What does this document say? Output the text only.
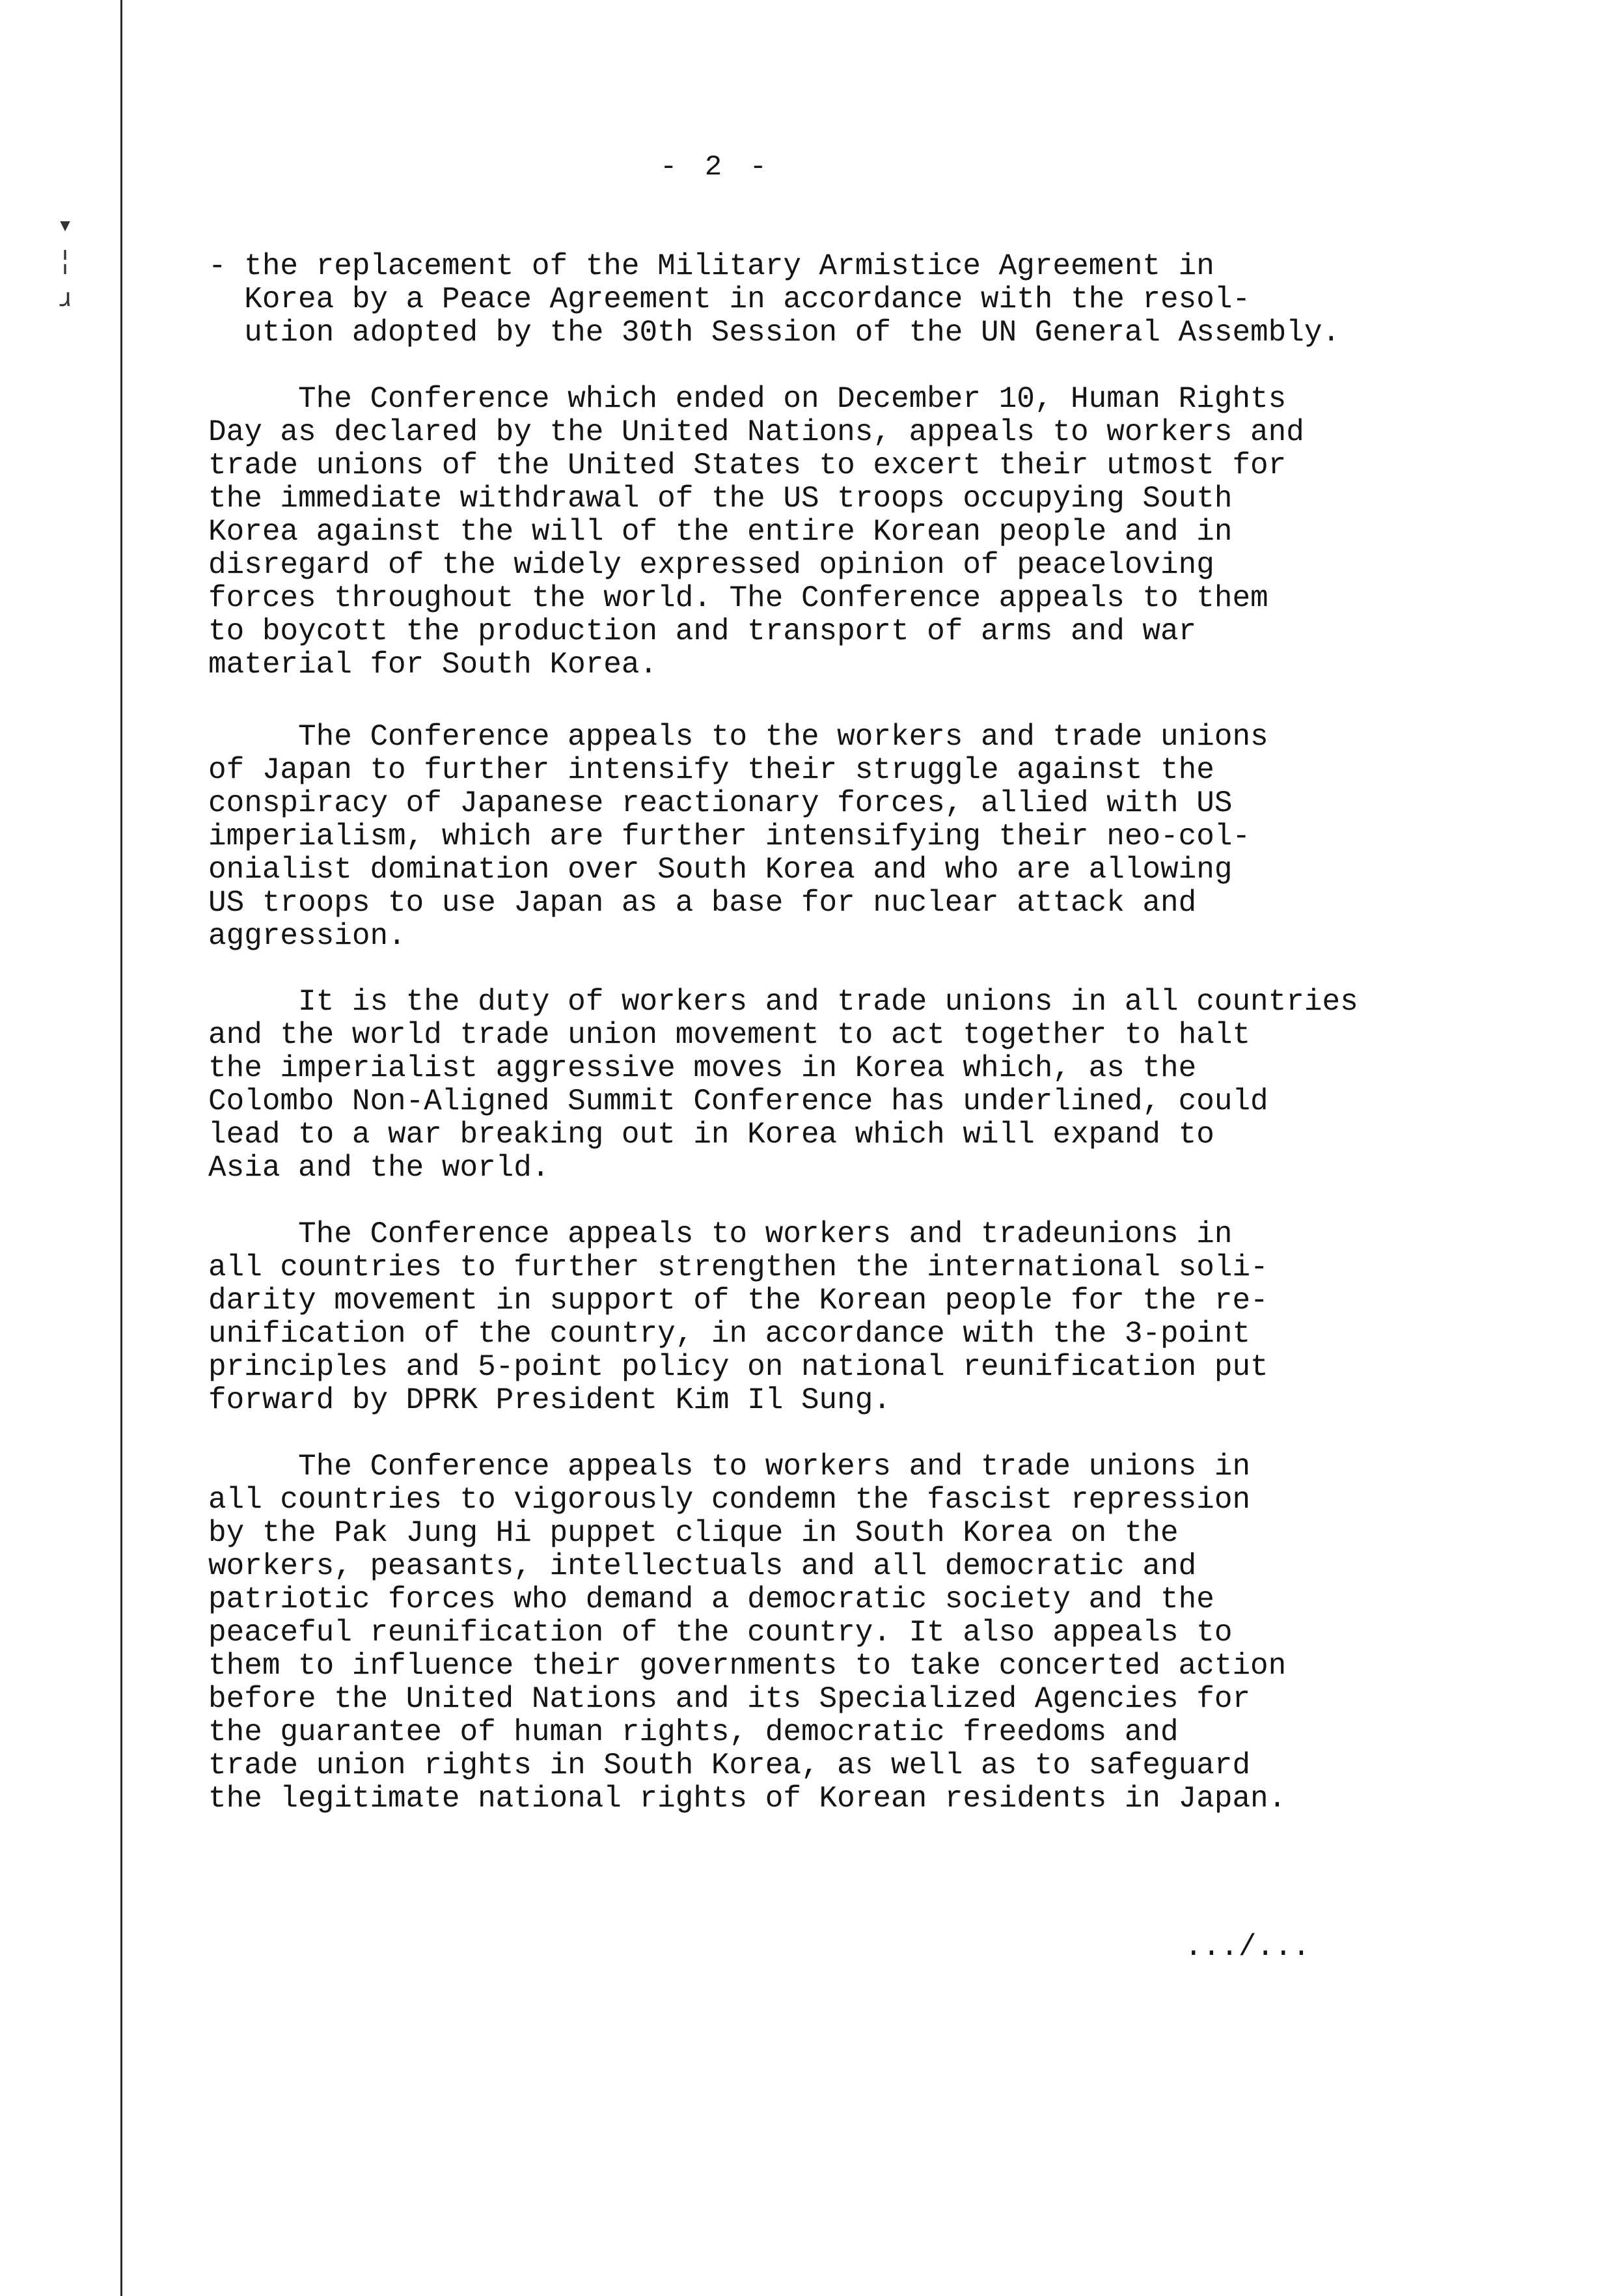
▾
¦
ɹ
- 2 -

- the replacement of the Military Armistice Agreement in

Korea by a Peace Agreement in accordance with the resol-

ution adopted by the 30th Session of the UN General Assembly.

The Conference which ended on December 10, Human Rights

Day as declared by the United Nations, appeals to workers and

trade unions of the United States to excert their utmost for

the immediate withdrawal of the US troops occupying South

Korea against the will of the entire Korean people and in

disregard of the widely expressed opinion of peaceloving

forces throughout the world. The Conference appeals to them

to boycott the production and transport of arms and war

material for South Korea.

The Conference appeals to the workers and trade unions

of Japan to further intensify their struggle against the

conspiracy of Japanese reactionary forces, allied with US

imperialism, which are further intensifying their neo-col-

onialist domination over South Korea and who are allowing

US troops to use Japan as a base for nuclear attack and

aggression.

It is the duty of workers and trade unions in all countries

and the world trade union movement to act together to halt

the imperialist aggressive moves in Korea which, as the

Colombo Non-Aligned Summit Conference has underlined, could

lead to a war breaking out in Korea which will expand to

Asia and the world.

The Conference appeals to workers and tradeunions in

all countries to further strengthen the international soli-

darity movement in support of the Korean people for the re-

unification of the country, in accordance with the 3-point

principles and 5-point policy on national reunification put

forward by DPRK President Kim Il Sung.

The Conference appeals to workers and trade unions in

all countries to vigorously condemn the fascist repression

by the Pak Jung Hi puppet clique in South Korea on the

workers, peasants, intellectuals and all democratic and

patriotic forces who demand a democratic society and the

peaceful reunification of the country. It also appeals to

them to influence their governments to take concerted action

before the United Nations and its Specialized Agencies for

the guarantee of human rights, democratic freedoms and

trade union rights in South Korea, as well as to safeguard

the legitimate national rights of Korean residents in Japan.

.../...
